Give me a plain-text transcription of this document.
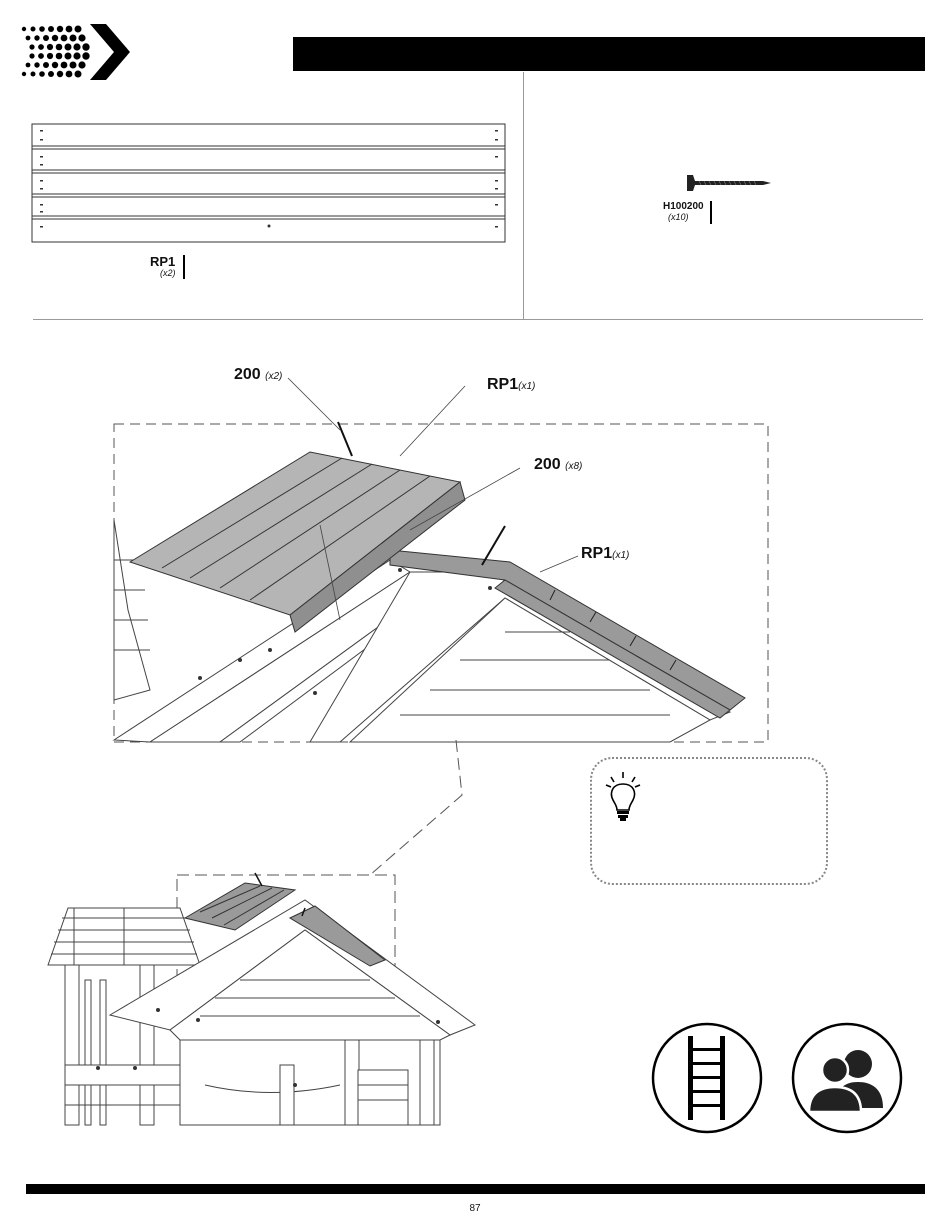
RP1
(x2)
H100200
(x10)
200 (x2)	RP1(x1)
200 (x8)
RP1(x1)
87
